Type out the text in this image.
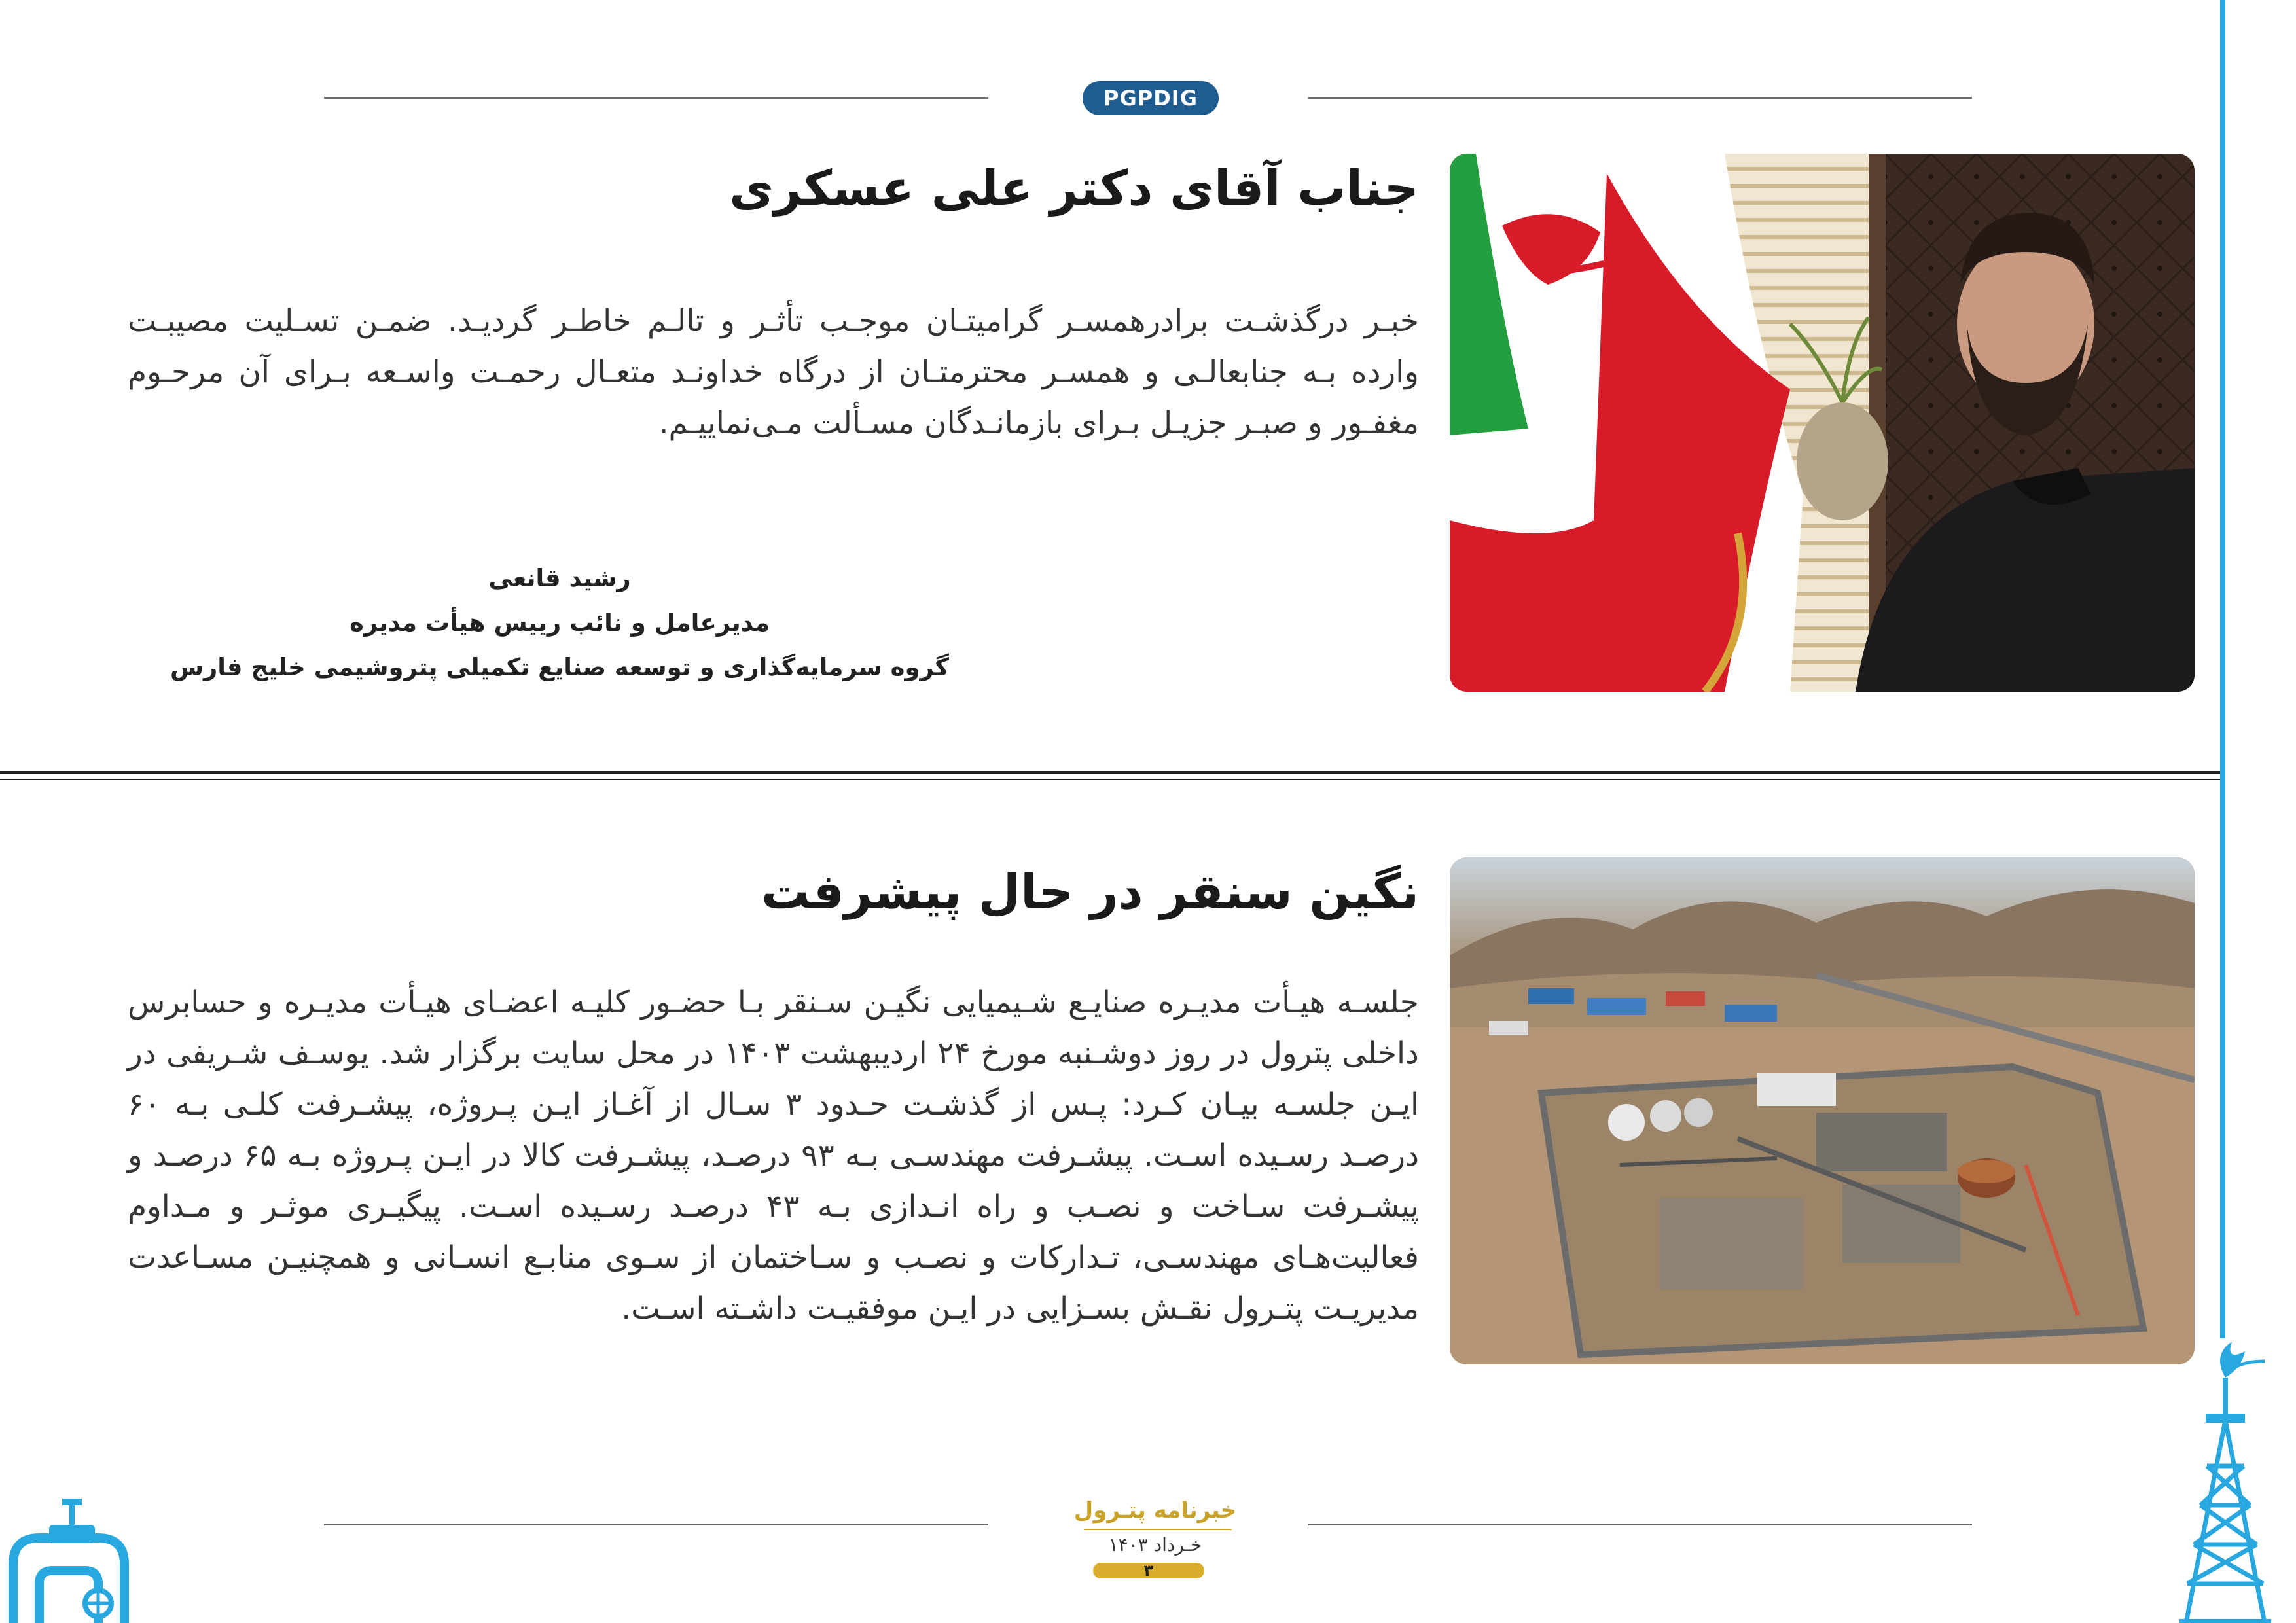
PGPDIG
جناب آقای دکتر علی عسکری
خبـر درگذشـت برادرهمسـر گرامیتـان موجـب تأثـر و تالـم خاطـر گردیـد. ضمـن تسـلیت مصیبـت وارده بـه جنابعالـی و همسـر محترمتـان از درگاه خداونـد متعـال رحمـت واسـعه بـرای آن مرحـوم مغفـور و صبـر جزیـل بـرای بازمانـدگان مسـألت مـی‌نماییـم.
رشید قانعی
مدیرعامل و نائب رییس هیأت مدیره
گروه سرمایه‌گذاری و توسعه صنایع تکمیلی پتروشیمی خلیج فارس
نگین سنقر در حال پیشرفت
جلسـه هیـأت مدیـره صنایـع شـیمیایی نگیـن سـنقر بـا حضـور کلیـه اعضـای هیـأت مدیـره و حسابرس داخلی پترول در روز دوشـنبه مورخ ۲۴ اردیبهشت ۱۴۰۳ در محل سایت برگزار شد. یوسـف شـریفی در ایـن جلسـه بیـان کـرد: پـس از گذشـت حـدود ۳ سـال از آغـاز ایـن پـروژه، پیشـرفت کلـی بـه ۶۰ درصـد رسـیده اسـت. پیشـرفت مهندسـی بـه ۹۳ درصـد، پیشـرفت کالا در ایـن پـروژه بـه ۶۵ درصـد و پیشـرفت سـاخت و نصـب و راه انـدازی بـه ۴۳ درصـد رسـیده اسـت. پیگیـری موثـر و مـداوم فعالیت‌هـای مهندسـی، تـدارکات و نصـب و سـاختمان از سـوی منابـع انسـانی و همچنیـن مسـاعدت مدیریـت پتـرول نقـش بسـزایی در ایـن موفقیـت داشـته اسـت.
خبرنامه پتـرول
خـرداد ۱۴۰۳
۳
